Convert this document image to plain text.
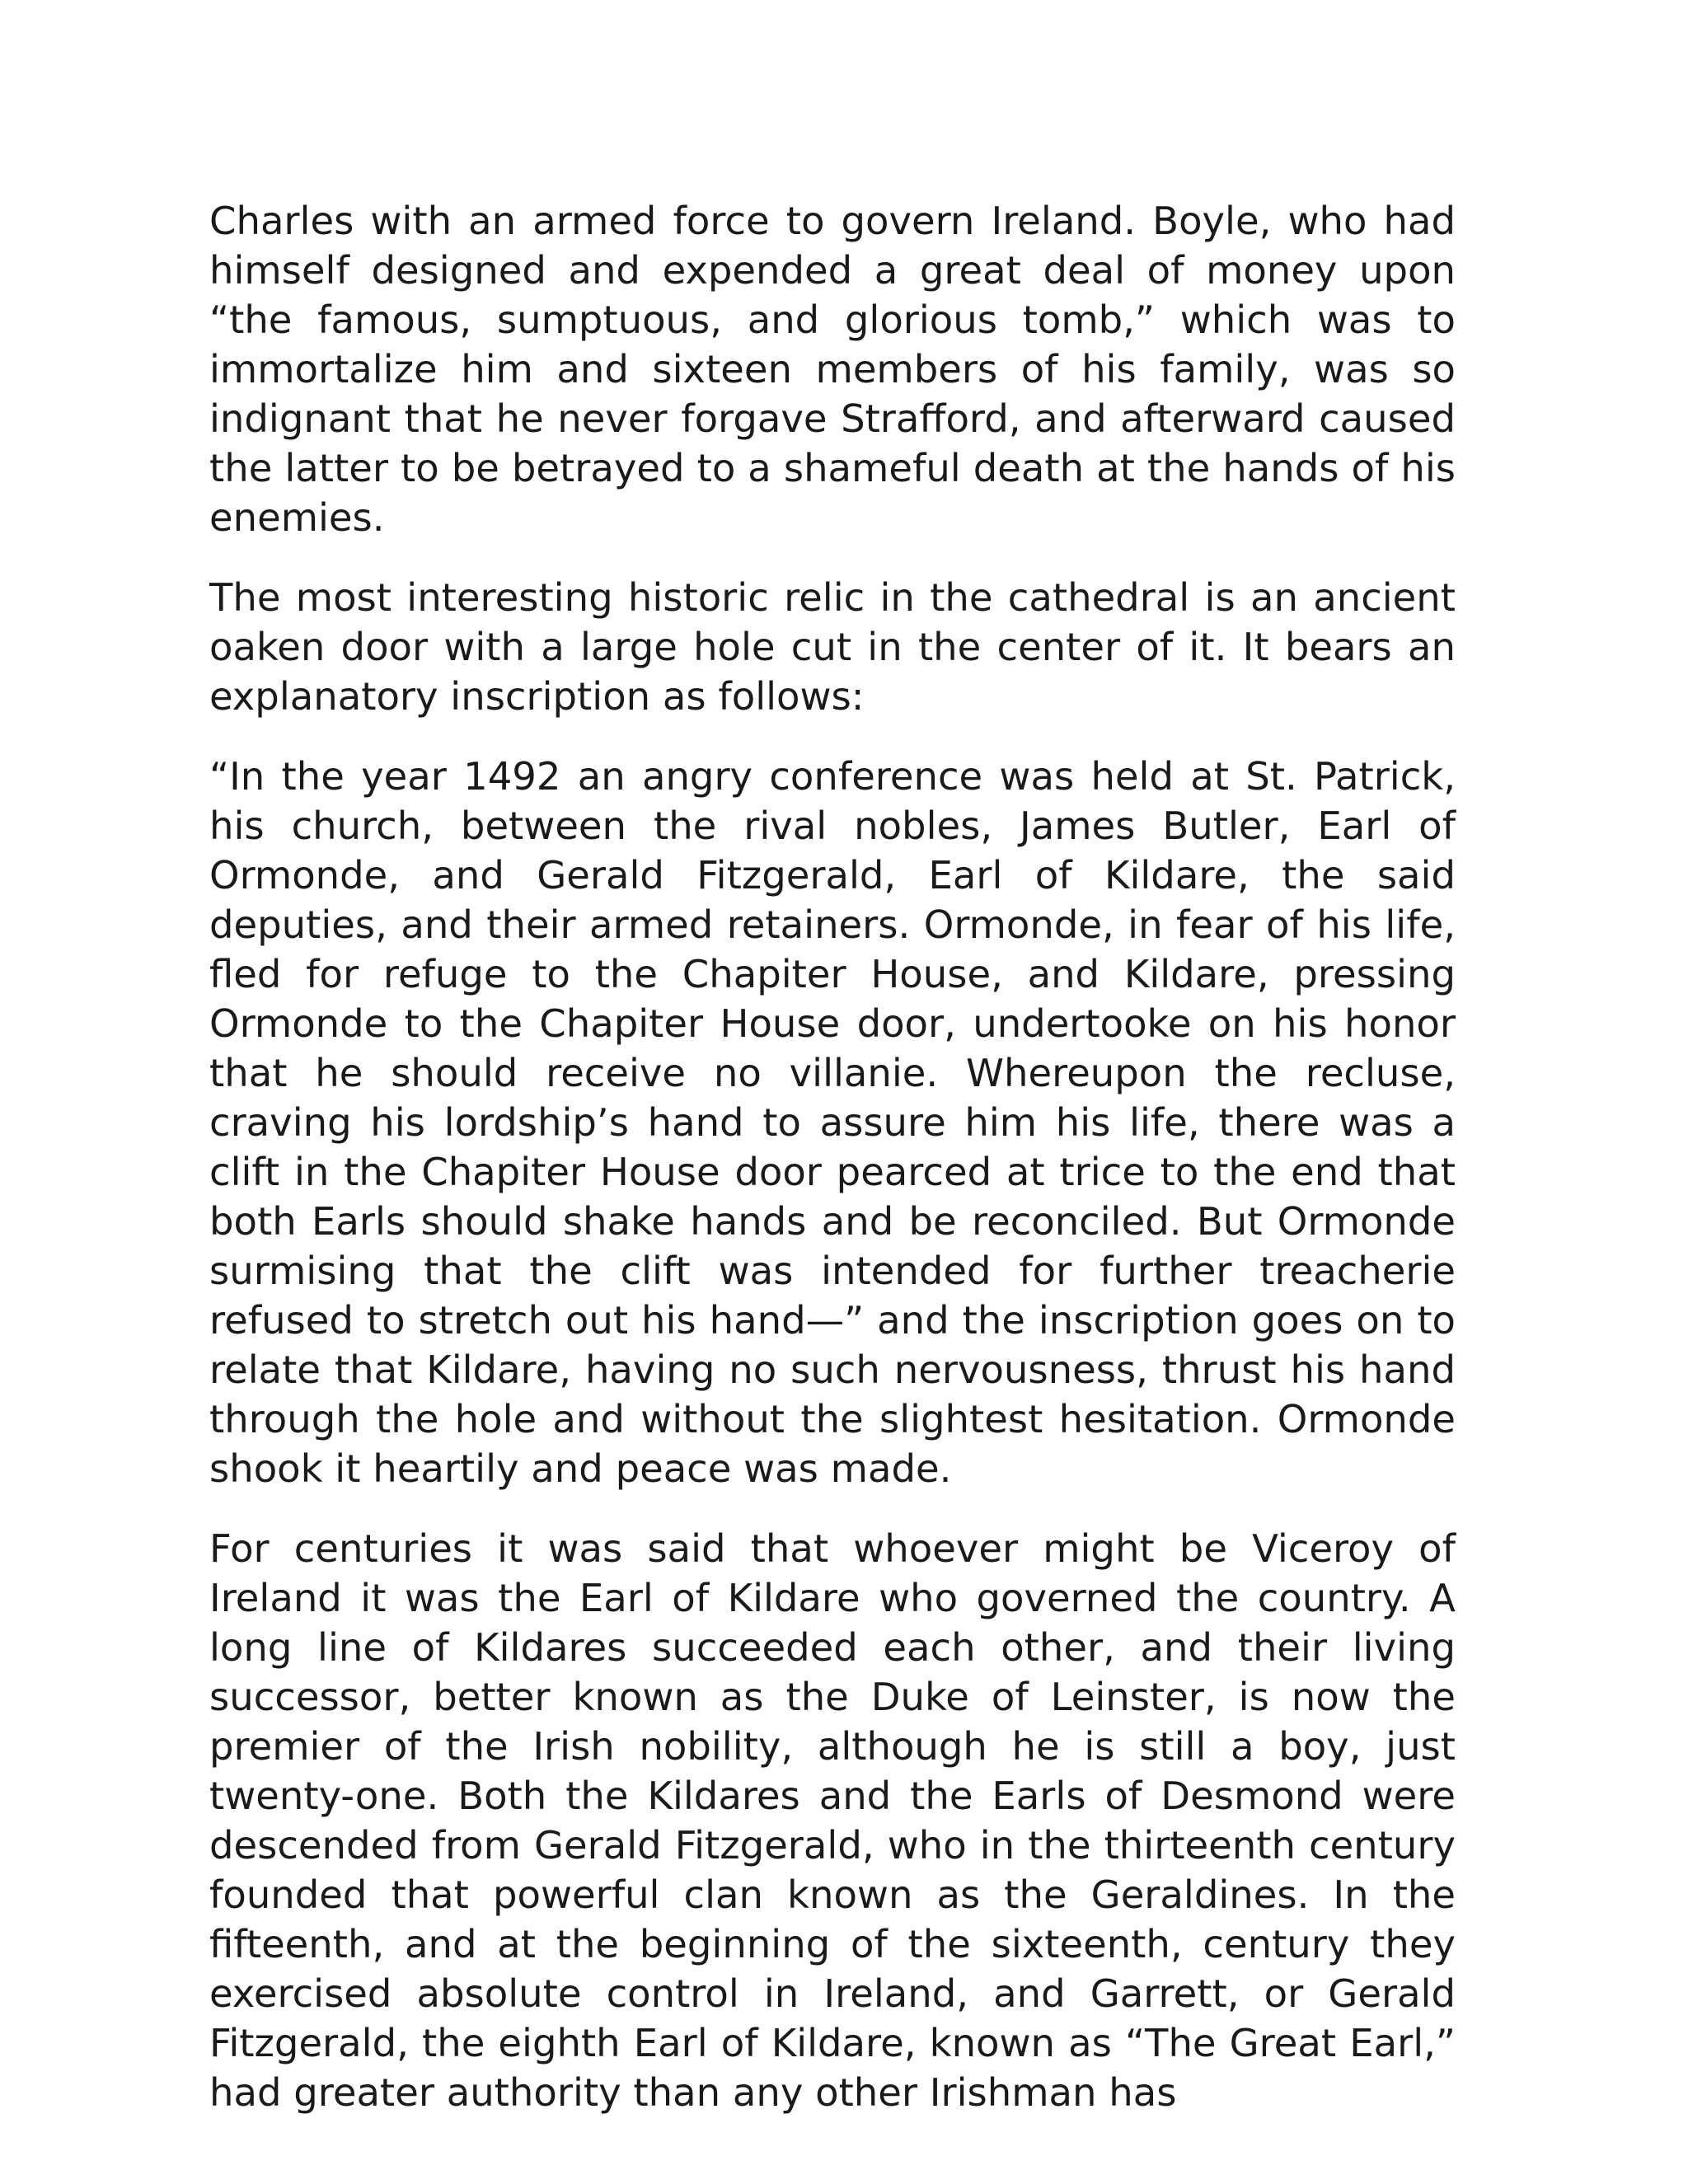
Charles with an armed force to govern Ireland. Boyle, who had himself designed and expended a great deal of money upon “the famous, sumptuous, and glorious tomb,” which was to immortalize him and sixteen members of his family, was so indignant that he never forgave Strafford, and afterward caused the latter to be betrayed to a shameful death at the hands of his enemies.

The most interesting historic relic in the cathedral is an ancient oaken door with a large hole cut in the center of it. It bears an explanatory inscription as follows:

“In the year 1492 an angry conference was held at St. Patrick, his church, between the rival nobles, James Butler, Earl of Ormonde, and Gerald Fitzgerald, Earl of Kildare, the said deputies, and their armed retainers. Ormonde, in fear of his life, fled for refuge to the Chapiter House, and Kildare, pressing Ormonde to the Chapiter House door, undertooke on his honor that he should receive no villanie. Whereupon the recluse, craving his lordship’s hand to assure him his life, there was a clift in the Chapiter House door pearced at trice to the end that both Earls should shake hands and be reconciled. But Ormonde surmising that the clift was intended for further treacherie refused to stretch out his hand—” and the inscription goes on to relate that Kildare, having no such nervousness, thrust his hand through the hole and without the slightest hesitation. Ormonde shook it heartily and peace was made.

For centuries it was said that whoever might be Viceroy of Ireland it was the Earl of Kildare who governed the country. A long line of Kildares succeeded each other, and their living successor, better known as the Duke of Leinster, is now the premier of the Irish nobility, although he is still a boy, just twenty-one. Both the Kildares and the Earls of Desmond were descended from Gerald Fitzgerald, who in the thirteenth century founded that powerful clan known as the Geraldines. In the fifteenth, and at the beginning of the sixteenth, century they exercised absolute control in Ireland, and Garrett, or Gerald Fitzgerald, the eighth Earl of Kildare, known as “The Great Earl,” had greater authority than any other Irishman has
